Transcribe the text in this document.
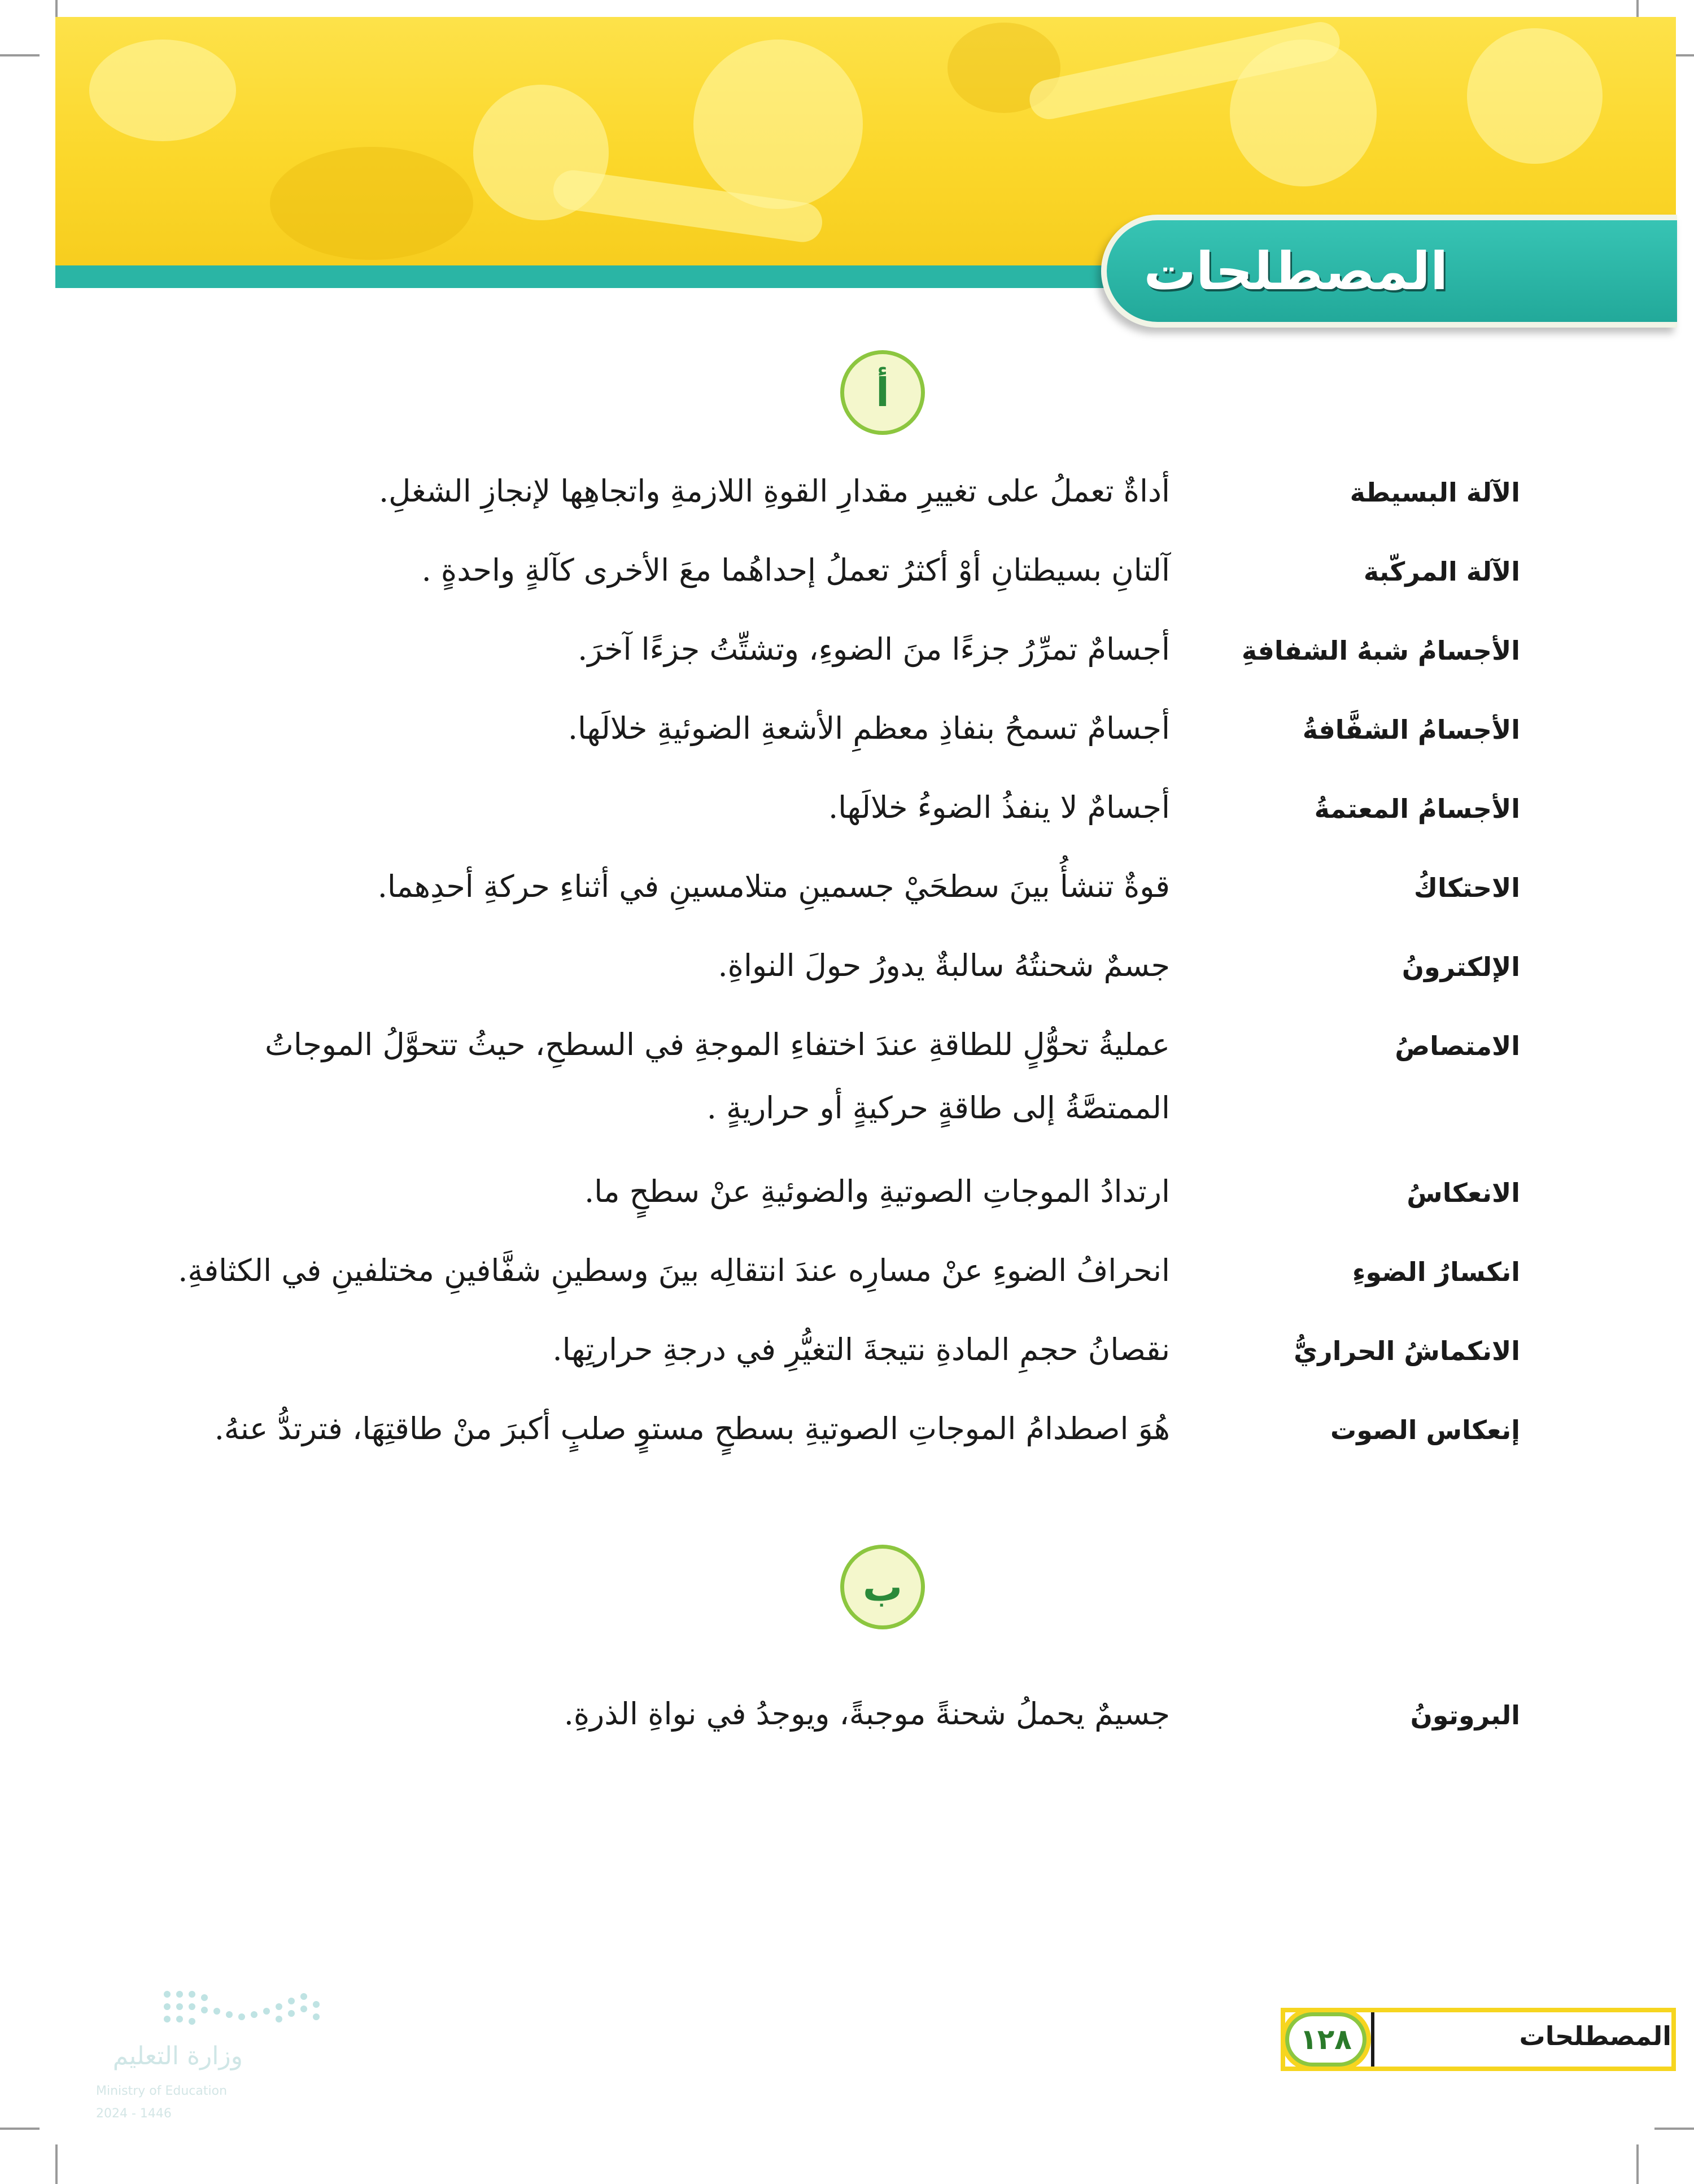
المصطلحات
أ
الآلة البسيطة
أداةٌ تعملُ على تغييرِ مقدارِ القوةِ اللازمةِ واتجاهِها لإنجازِ الشغلِ.
الآلة المركّبة
آلتانِ بسيطتانِ أوْ أكثرُ تعملُ إحداهُما معَ الأخرى كآلةٍ واحدةٍ .
الأجسامُ شبهُ الشفافةِ
أجسامٌ تمرِّرُ جزءًا منَ الضوءِ، وتشتِّتُ جزءًا آخرَ.
الأجسامُ الشفَّافةُ
أجسامٌ تسمحُ بنفاذِ معظمِ الأشعةِ الضوئيةِ خلالَها.
الأجسامُ المعتمةُ
أجسامٌ لا ينفذُ الضوءُ خلالَها.
الاحتكاكُ
قوةٌ تنشأُ بينَ سطحَيْ جسمينِ متلامسينِ في أثناءِ حركةِ أحدِهما.
الإلكترونُ
جسمٌ شحنتُهُ سالبةٌ يدورُ حولَ النواةِ.
الامتصاصُ
عمليةُ تحوُّلٍ للطاقةِ عندَ اختفاءِ الموجةِ في السطحِ، حيثُ تتحوَّلُ الموجاتُ
الممتصَّةُ إلى طاقةٍ حركيةٍ أو حراريةٍ .
الانعكاسُ
ارتدادُ الموجاتِ الصوتيةِ والضوئيةِ عنْ سطحٍ ما.
انكسارُ الضوءِ
انحرافُ الضوءِ عنْ مسارِه عندَ انتقالِه بينَ وسطينِ شفَّافينِ مختلفينِ في الكثافةِ.
الانكماشُ الحراريُّ
نقصانُ حجمِ المادةِ نتيجةَ التغيُّرِ في درجةِ حرارتِها.
إنعكاس الصوت
هُوَ اصطدامُ الموجاتِ الصوتيةِ بسطحٍ مستوٍ صلبٍ أكبرَ منْ طاقتِهَا، فترتدُّ عنهُ.
ب
البروتونُ
جسيمٌ يحملُ شحنةً موجبةً، ويوجدُ في نواةِ الذرةِ.
المصطلحات
١٢٨
وزارة التعليم
Ministry of Education
2024 - 1446
